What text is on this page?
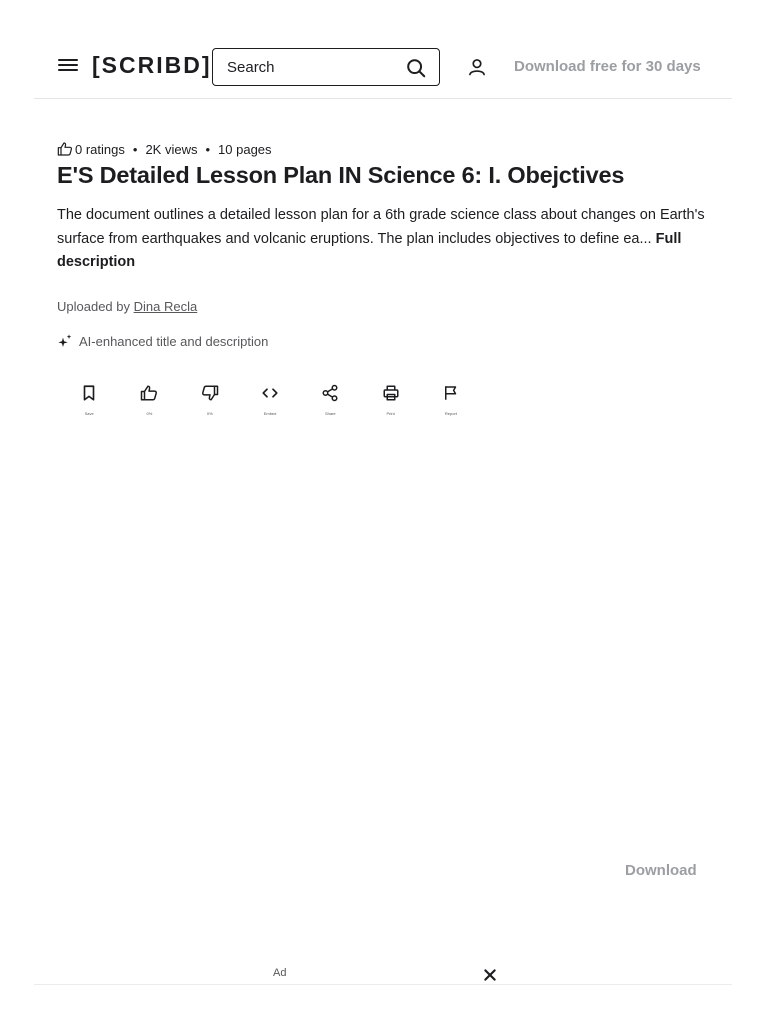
[SCRIBD]
Search	Download free for 30 days
0 ratings • 2K views • 10 pages
E'S Detailed Lesson Plan IN Science 6: I. Obejctives

The document outlines a detailed lesson plan for a 6th grade science class about changes on Earth's surface from earthquakes and volcanic eruptions. The plan includes objectives to define ea... Full description

Uploaded by Dina Recla
AI-enhanced title and description
Save	0%	0%	Embed	Share	Print	Report
Download
Ad
